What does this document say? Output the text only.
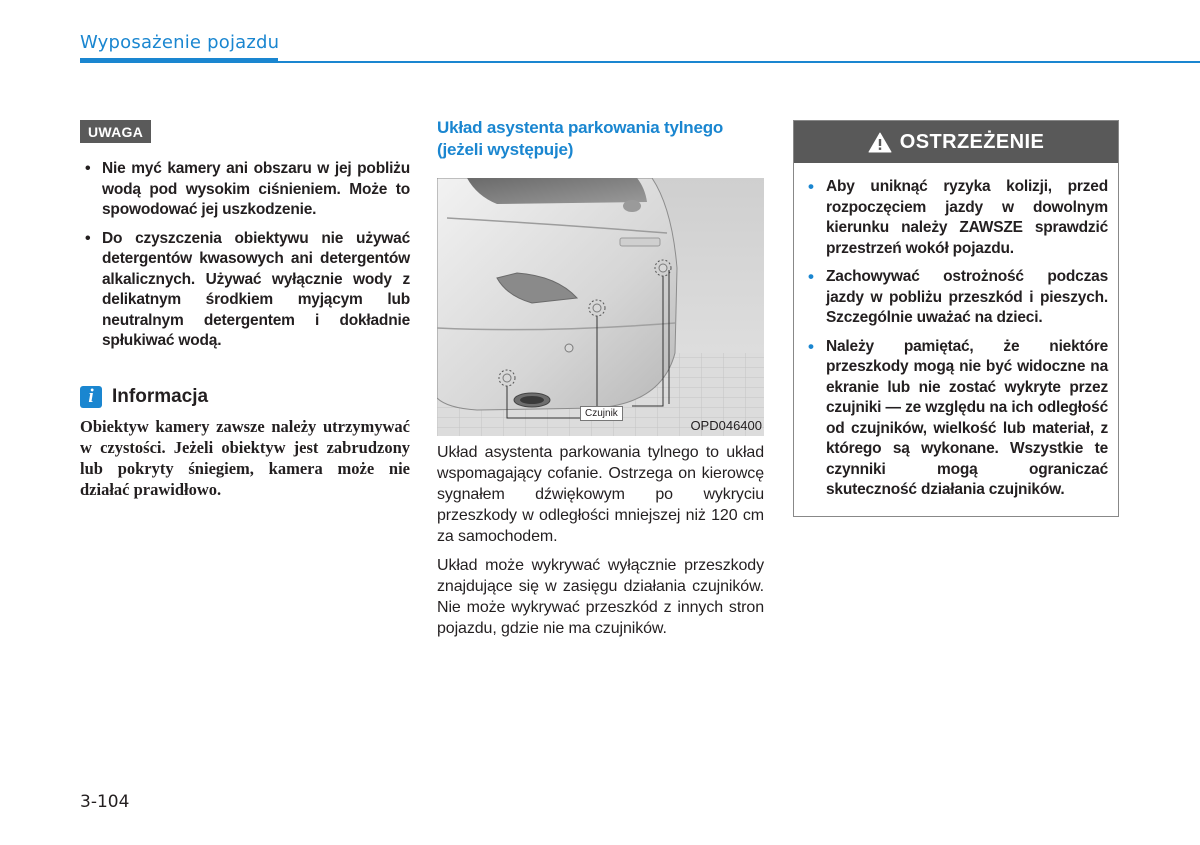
Wyposażenie pojazdu
UWAGA
• Nie myć kamery ani obszaru w jej pobliżu wodą pod wysokim ciśnieniem. Może to spowodować jej uszkodzenie.
• Do czyszczenia obiektywu nie używać detergentów kwasowych ani detergentów alkalicznych. Używać wyłącznie wody z delikatnym środkiem myjącym lub neutralnym detergentem i dokładnie spłukiwać wodą.
i Informacja
Obiektyw kamery zawsze należy utrzymywać w czystości. Jeżeli obiektyw jest zabrudzony lub pokryty śniegiem, kamera może nie działać prawidłowo.
Układ asystenta parkowania tylnego (jeżeli występuje)
Czujnik
OPD046400

Układ asystenta parkowania tylnego to układ wspomagający cofanie. Ostrzega on kierowcę sygnałem dźwiękowym po wykryciu przeszkody w odległości mniejszej niż 120 cm za samochodem.

Układ może wykrywać wyłącznie przeszkody znajdujące się w zasięgu działania czujników. Nie może wykrywać przeszkód z innych stron pojazdu, gdzie nie ma czujników.

OSTRZEŻENIE
• Aby uniknąć ryzyka kolizji, przed rozpoczęciem jazdy w dowolnym kierunku należy ZAWSZE sprawdzić przestrzeń wokół pojazdu.
• Zachowywać ostrożność podczas jazdy w pobliżu przeszkód i pieszych. Szczególnie uważać na dzieci.
• Należy pamiętać, że niektóre przeszkody mogą nie być widoczne na ekranie lub nie zostać wykryte przez czujniki — ze względu na ich odległość od czujników, wielkość lub materiał, z którego są wykonane. Wszystkie te czynniki mogą ograniczać skuteczność działania czujników.
3-104
